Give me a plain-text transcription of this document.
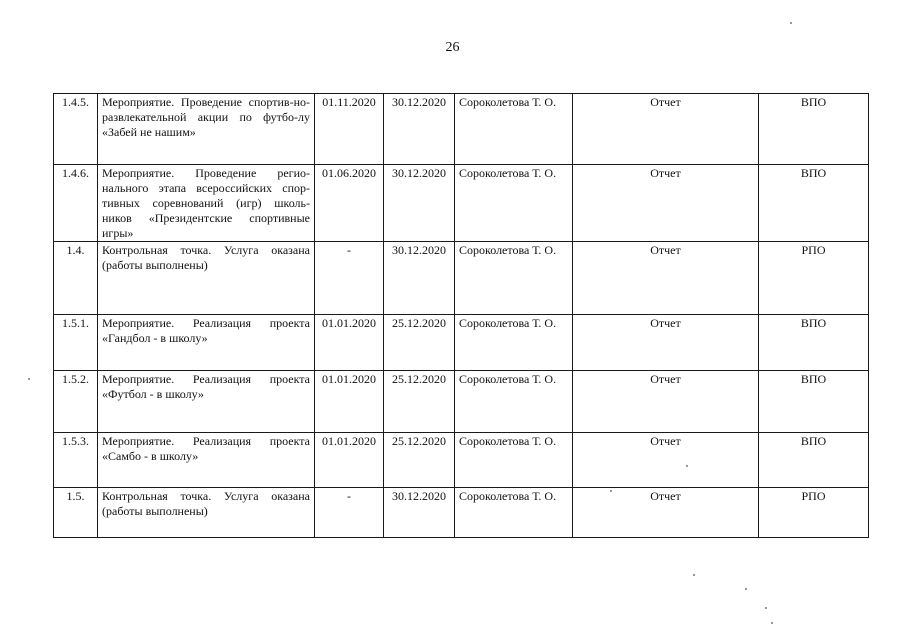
26
1.4.5.	Мероприятие. Проведение спортив-но-развлекательной акции по футбо-лу «Забей не нашим»	01.11.2020	30.12.2020	Сороколетова Т. О.	Отчет	ВПО
1.4.6.	Мероприятие. Проведение регио-нального этапа всероссийских спор-тивных соревнований (игр) школь-ников «Президентские спортивные игры»	01.06.2020	30.12.2020	Сороколетова Т. О.	Отчет	ВПО
1.4.	Контрольная точка. Услуга оказана (работы выполнены)	-	30.12.2020	Сороколетова Т. О.	Отчет	РПО
1.5.1.	Мероприятие. Реализация проекта «Гандбол - в школу»	01.01.2020	25.12.2020	Сороколетова Т. О.	Отчет	ВПО
1.5.2.	Мероприятие. Реализация проекта «Футбол - в школу»	01.01.2020	25.12.2020	Сороколетова Т. О.	Отчет	ВПО
1.5.3.	Мероприятие. Реализация проекта «Самбо - в школу»	01.01.2020	25.12.2020	Сороколетова Т. О.	Отчет	ВПО
1.5.	Контрольная точка. Услуга оказана (работы выполнены)	-	30.12.2020	Сороколетова Т. О.	Отчет	РПО
